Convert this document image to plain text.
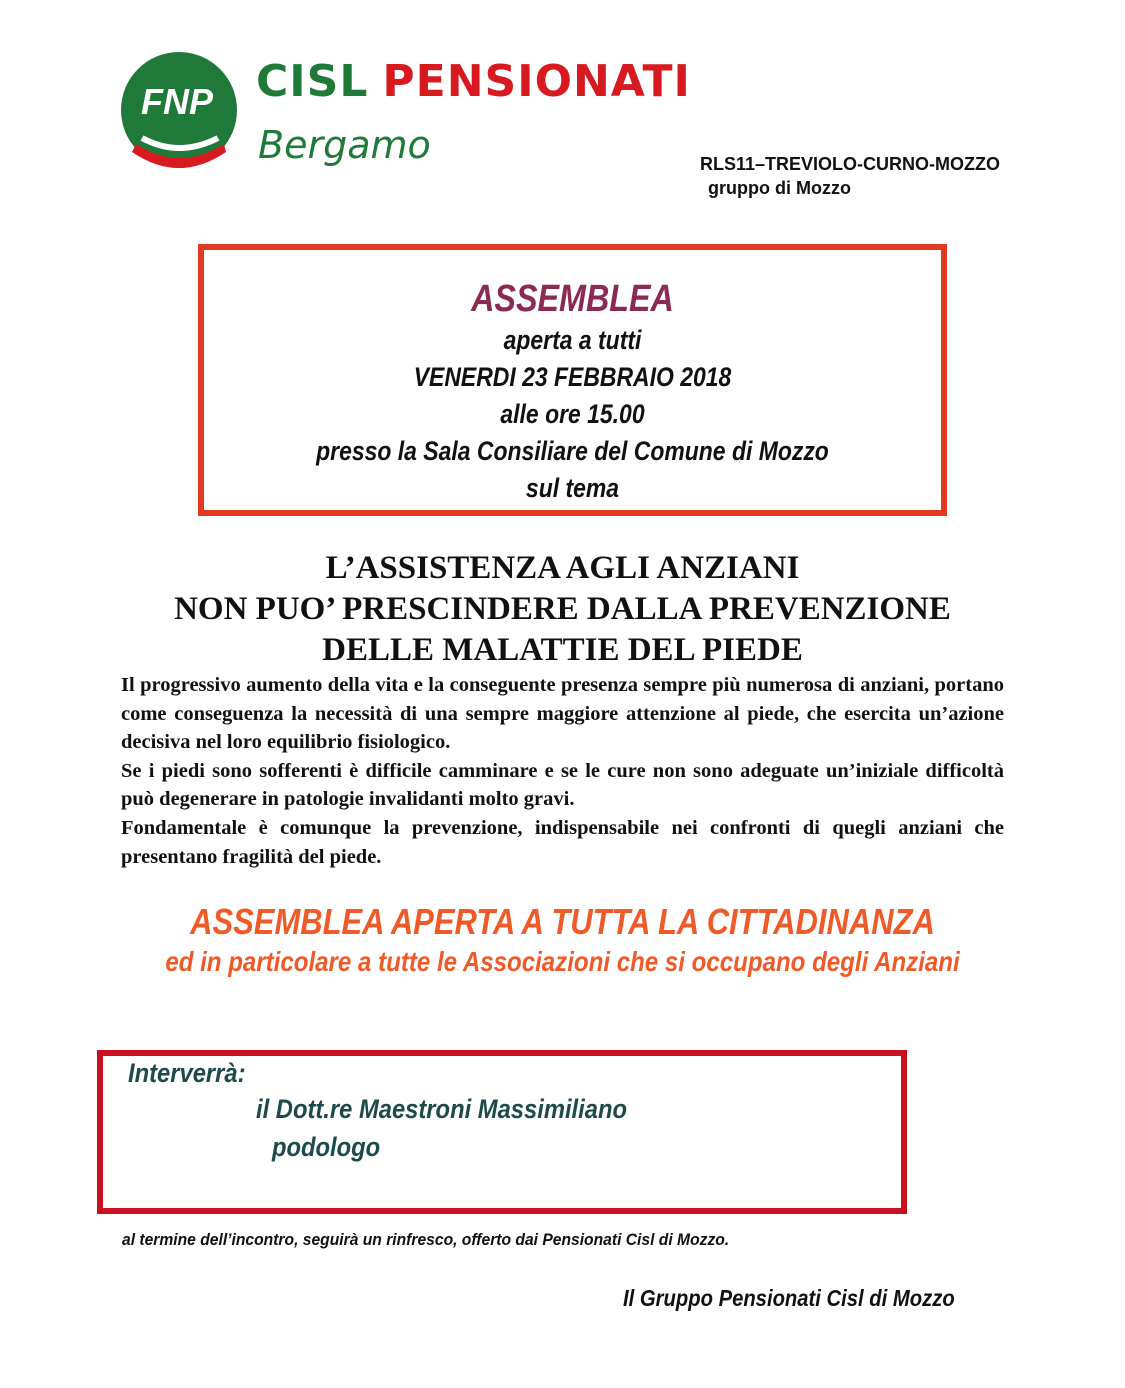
FNP CISL PENSIONATI
Bergamo	RLS11–TREVIOLO-CURNO-MOZZO
gruppo di Mozzo
ASSEMBLEA
aperta a tutti
VENERDI 23 FEBBRAIO 2018
alle ore 15.00
presso la Sala Consiliare del Comune di Mozzo
sul tema
L’ASSISTENZA AGLI ANZIANI
NON PUO’ PRESCINDERE DALLA PREVENZIONE
DELLE MALATTIE DEL PIEDE

Il progressivo aumento della vita e la conseguente presenza sempre più numerosa di anziani, portano come conseguenza la necessità di una sempre maggiore attenzione al piede, che esercita un’azione decisiva nel loro equilibrio fisiologico.

Se i piedi sono sofferenti è difficile camminare e se le cure non sono adeguate un’iniziale difficoltà può degenerare in patologie invalidanti molto gravi.

Fondamentale è comunque la prevenzione, indispensabile nei confronti di quegli anziani che presentano fragilità del piede.

ASSEMBLEA APERTA A TUTTA LA CITTADINANZA
ed in particolare a tutte le Associazioni che si occupano degli Anziani
Interverrà:
il Dott.re Maestroni Massimiliano
podologo
al termine dell’incontro, seguirà un rinfresco, offerto dai Pensionati Cisl di Mozzo.
Il Gruppo Pensionati Cisl di Mozzo
